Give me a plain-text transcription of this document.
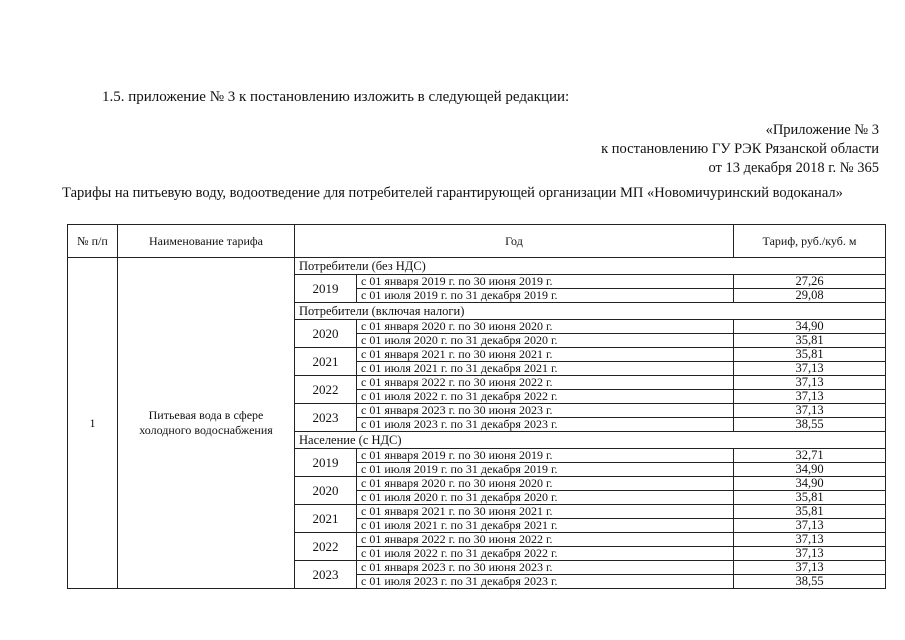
1.5. приложение № 3 к постановлению изложить в следующей редакции:
«Приложение № 3
к постановлению ГУ РЭК Рязанской области
от 13 декабря 2018 г. № 365
Тарифы на питьевую воду, водоотведение для потребителей гарантирующей организации МП «Новомичуринский водоканал»
№ п/п	Наименование тарифа	Год		Тариф, руб./куб. м
1	Питьевая вода в сфере холодного водоснабжения	Потребители (без НДС)		
		2019	с 01 января 2019 г. по 30 июня 2019 г.	27,26
			с 01 июля 2019 г. по 31 декабря 2019 г.	29,08
		Потребители (включая налоги)		
		2020	с 01 января 2020 г. по 30 июня 2020 г.	34,90
			с 01 июля 2020 г. по 31 декабря 2020 г.	35,81
		2021	с 01 января 2021 г. по 30 июня 2021 г.	35,81
			с 01 июля 2021 г. по 31 декабря 2021 г.	37,13
		2022	с 01 января 2022 г. по 30 июня 2022 г.	37,13
			с 01 июля 2022 г. по 31 декабря 2022 г.	37,13
		2023	с 01 января 2023 г. по 30 июня 2023 г.	37,13
			с 01 июля 2023 г. по 31 декабря 2023 г.	38,55
		Население (с НДС)		
		2019	с 01 января 2019 г. по 30 июня 2019 г.	32,71
			с 01 июля 2019 г. по 31 декабря 2019 г.	34,90
		2020	с 01 января 2020 г. по 30 июня 2020 г.	34,90
			с 01 июля 2020 г. по 31 декабря 2020 г.	35,81
		2021	с 01 января 2021 г. по 30 июня 2021 г.	35,81
			с 01 июля 2021 г. по 31 декабря 2021 г.	37,13
		2022	с 01 января 2022 г. по 30 июня 2022 г.	37,13
			с 01 июля 2022 г. по 31 декабря 2022 г.	37,13
		2023	с 01 января 2023 г. по 30 июня 2023 г.	37,13
			с 01 июля 2023 г. по 31 декабря 2023 г.	38,55
